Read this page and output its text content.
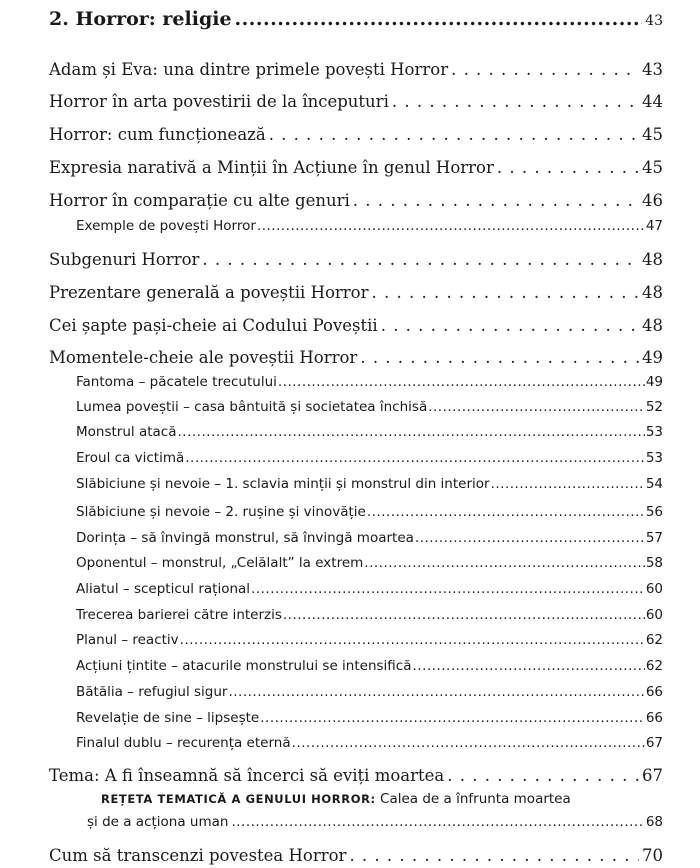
2. Horror: religie .....	43
Adam și Eva: una dintre primele povești Horror . . .	43
Horror în arta povestirii de la începuturi . . .	44
Horror: cum funcționează . . .	45
Expresia narativă a Minții în Acțiune în genul Horror . . .	45
Horror în comparație cu alte genuri . . .	46
Exemple de povești Horror .....	47
Subgenuri Horror . . .	48
Prezentare generală a poveștii Horror . . .	48
Cei șapte pași-cheie ai Codului Poveștii . . .	48
Momentele-cheie ale poveștii Horror . . .	49
Fantoma – păcatele trecutului .....	49
Lumea poveștii – casa bântuită și societatea închisă .....	52
Monstrul atacă .....	53
Eroul ca victimă .....	53
Slăbiciune și nevoie – 1. sclavia minții și monstrul din interior .....	54
Slăbiciune și nevoie – 2. rușine și vinovăție .....	56
Dorința – să învingă monstrul, să învingă moartea .....	57
Oponentul – monstrul, „Celălalt” la extrem .....	58
Aliatul – scepticul rațional .....	60
Trecerea barierei către interzis .....	60
Planul – reactiv .....	62
Acțiuni țintite – atacurile monstrului se intensifică .....	62
Bătălia – refugiul sigur .....	66
Revelație de sine – lipsește .....	66
Finalul dublu – recurența eternă .....	67
Tema: A fi înseamnă să încerci să eviți moartea . . .	67
REȚETA TEMATICĂ A GENULUI HORROR: Calea de a înfrunta moartea
și de a acționa uman .....	68
Cum să transcenzi povestea Horror . . .	70
